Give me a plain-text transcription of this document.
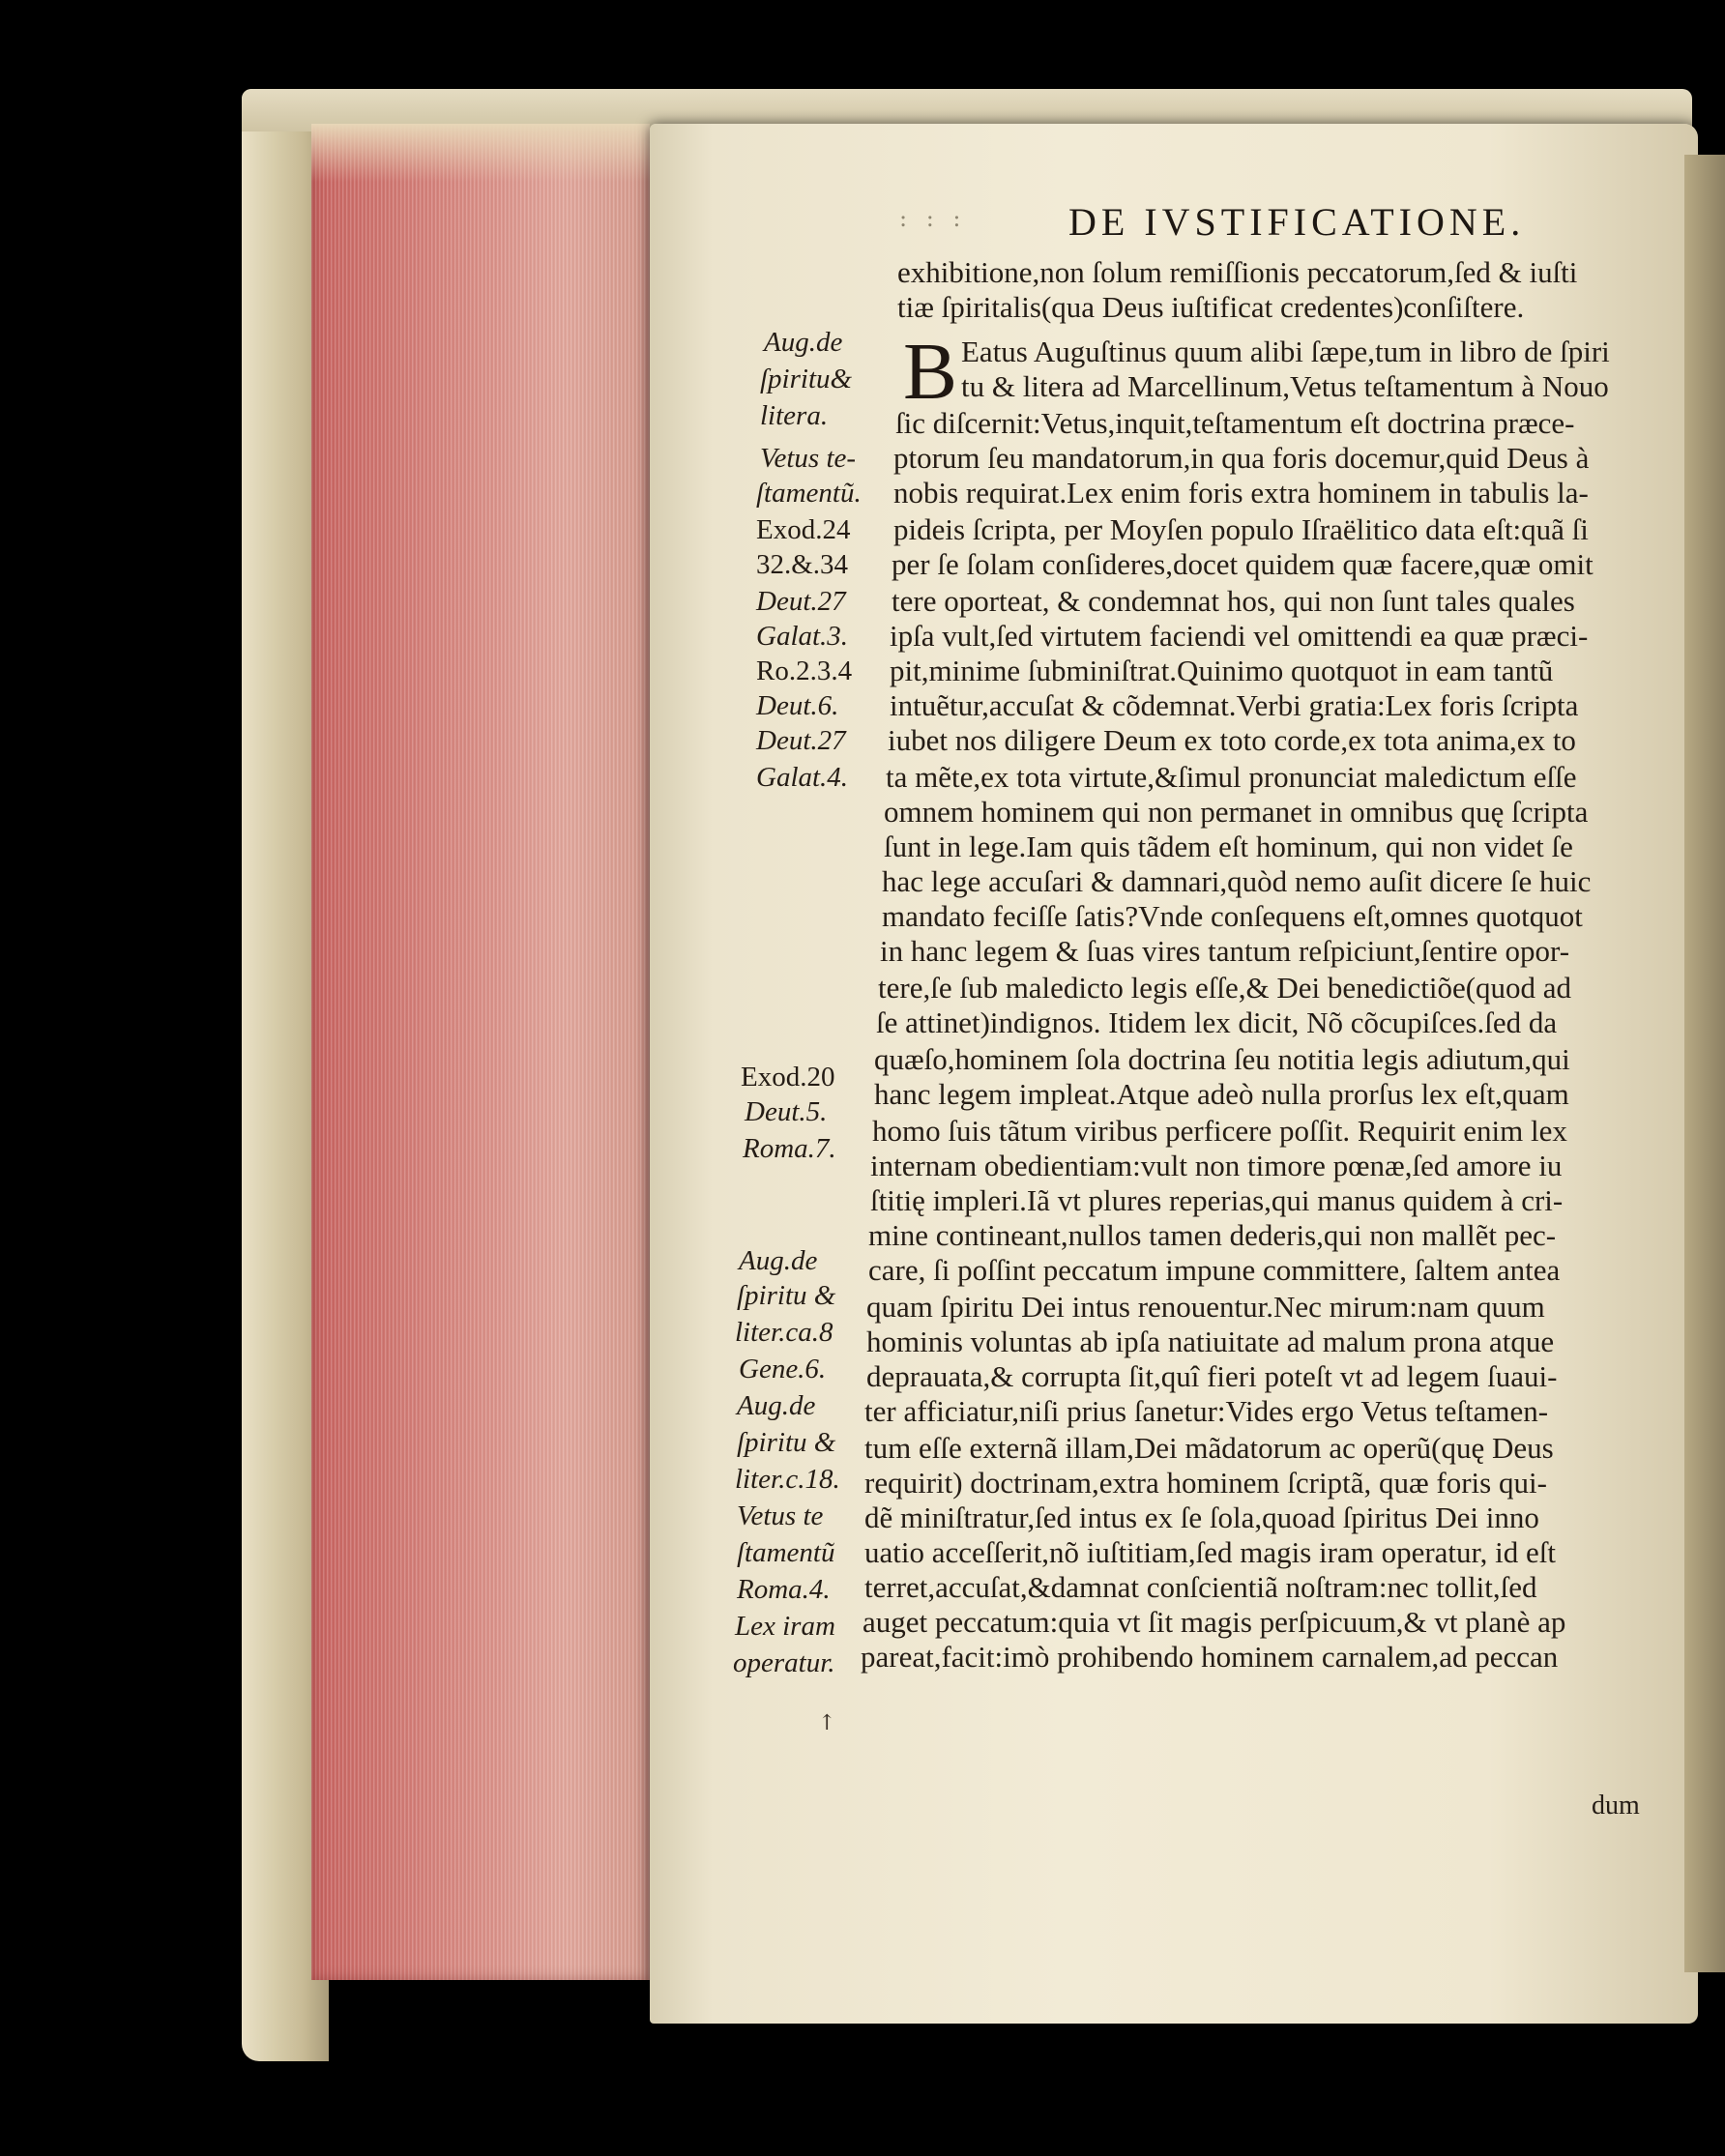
: : :	DE IVSTIFICATIONE.
B
exhibitione,non ſolum remiſſionis peccatorum,ſed & iuſti
tiæ ſpiritalis(qua Deus iuſtificat credentes)conſiſtere.
Eatus Auguſtinus quum alibi ſæpe,tum in libro de ſpiri
tu & litera ad Marcellinum,Vetus teſtamentum à Nouo
ſic diſcernit:Vetus,inquit,teſtamentum eſt doctrina præce-
ptorum ſeu mandatorum,in qua foris docemur,quid Deus à
nobis requirat.Lex enim foris extra hominem in tabulis la-
pideis ſcripta, per Moyſen populo Iſraëlitico data eſt:quã ſi
per ſe ſolam conſideres,docet quidem quæ facere,quæ omit
tere oporteat, & condemnat hos, qui non ſunt tales quales
ipſa vult,ſed virtutem faciendi vel omittendi ea quæ præci-
pit,minime ſubminiſtrat.Quinimo quotquot in eam tantũ
intuẽtur,accuſat & cõdemnat.Verbi gratia:Lex foris ſcripta
iubet nos diligere Deum ex toto corde,ex tota anima,ex to
ta mẽte,ex tota virtute,&ſimul pronunciat maledictum eſſe
omnem hominem qui non permanet in omnibus quę ſcripta
ſunt in lege.Iam quis tãdem eſt hominum, qui non videt ſe
hac lege accuſari & damnari,quòd nemo auſit dicere ſe huic
mandato feciſſe ſatis?Vnde conſequens eſt,omnes quotquot
in hanc legem & ſuas vires tantum reſpiciunt,ſentire opor-
tere,ſe ſub maledicto legis eſſe,& Dei benedictiõe(quod ad
ſe attinet)indignos. Itidem lex dicit, Nõ cõcupiſces.ſed da
quæſo,hominem ſola doctrina ſeu notitia legis adiutum,qui
hanc legem impleat.Atque adeò nulla prorſus lex eſt,quam
homo ſuis tãtum viribus perficere poſſit. Requirit enim lex
internam obedientiam:vult non timore pœnæ,ſed amore iu
ſtitię impleri.Iã vt plures reperias,qui manus quidem à cri-
mine contineant,nullos tamen dederis,qui non mallẽt pec-
care, ſi poſſint peccatum impune committere, ſaltem antea
quam ſpiritu Dei intus renouentur.Nec mirum:nam quum
hominis voluntas ab ipſa natiuitate ad malum prona atque
deprauata,& corrupta ſit,quî fieri poteſt vt ad legem ſuaui-
ter afficiatur,niſi prius ſanetur:Vides ergo Vetus teſtamen-
tum eſſe externã illam,Dei mãdatorum ac operũ(quę Deus
requirit) doctrinam,extra hominem ſcriptã, quæ foris qui-
dẽ miniſtratur,ſed intus ex ſe ſola,quoad ſpiritus Dei inno
uatio acceſſerit,nõ iuſtitiam,ſed magis iram operatur, id eſt
terret,accuſat,&damnat conſcientiã noſtram:nec tollit,ſed
auget peccatum:quia vt ſit magis perſpicuum,& vt planè ap
pareat,facit:imò prohibendo hominem carnalem,ad peccan
dum
↑
Aug.de
ſpiritu&
litera.
Vetus te-
ſtamentũ.
Exod.24
32.&.34
Deut.27
Galat.3.
Ro.2.3.4
Deut.6.
Deut.27
Galat.4.
Exod.20
Deut.5.
Roma.7.
Aug.de
ſpiritu &
liter.ca.8
Gene.6.
Aug.de
ſpiritu &
liter.c.18.
Vetus te
ſtamentũ
Roma.4.
Lex iram
operatur.
